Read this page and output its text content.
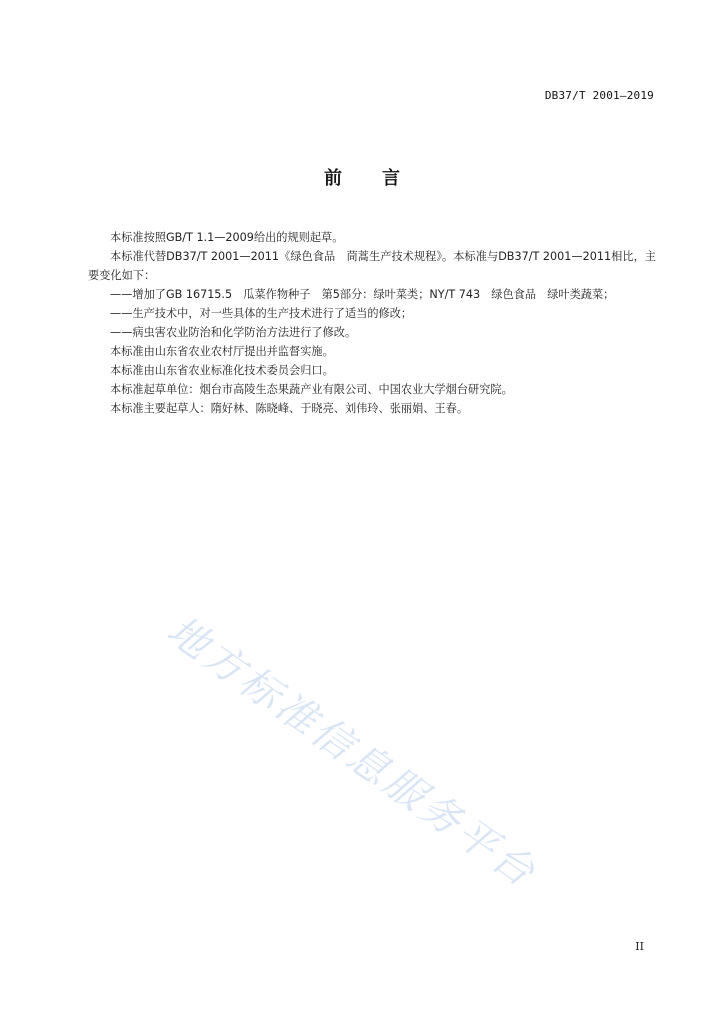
DB37/T 2001—2019
前 言

本标准按照GB/T 1.1—2009给出的规则起草。

本标准代替DB37/T 2001—2011《绿色食品　茼蒿生产技术规程》。本标准与DB37/T 2001—2011相比，主要变化如下：

——增加了GB 16715.5　瓜菜作物种子　第5部分：绿叶菜类；NY/T 743　绿色食品　绿叶类蔬菜；

——生产技术中，对一些具体的生产技术进行了适当的修改；

——病虫害农业防治和化学防治方法进行了修改。

本标准由山东省农业农村厅提出并监督实施。

本标准由山东省农业标准化技术委员会归口。

本标准起草单位：烟台市高陵生态果蔬产业有限公司、中国农业大学烟台研究院。

本标准主要起草人：隋好林、陈晓峰、于晓亮、刘伟玲、张丽娟、王春。

地方标准信息服务平台
II
